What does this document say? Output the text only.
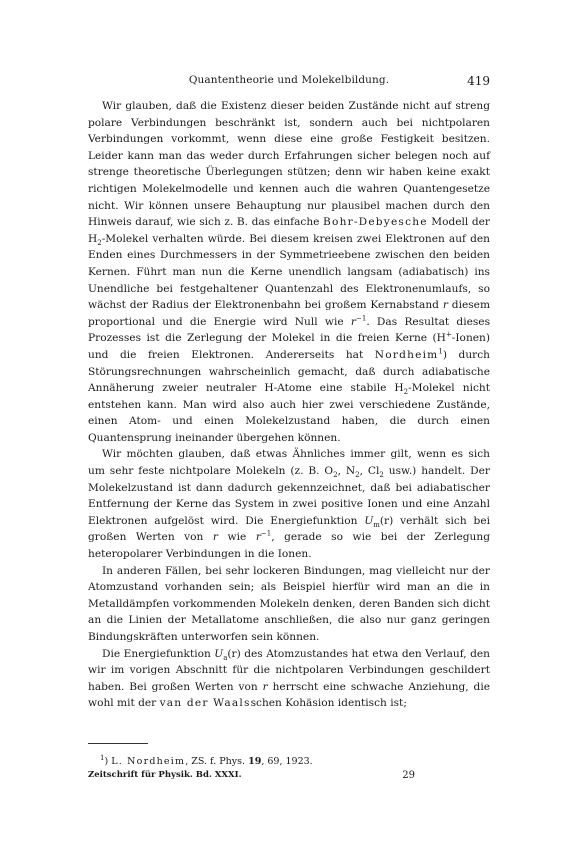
Quantentheorie und Molekelbildung.	419

Wir glauben, daß die Existenz dieser beiden Zustände nicht auf streng polare Verbindungen beschränkt ist, sondern auch bei nichtpolaren Verbindungen vorkommt, wenn diese eine große Festigkeit besitzen. Leider kann man das weder durch Erfahrungen sicher belegen noch auf strenge theoretische Überlegungen stützen; denn wir haben keine exakt richtigen Molekelmodelle und kennen auch die wahren Quantengesetze nicht. Wir können unsere Behauptung nur plausibel machen durch den Hinweis darauf, wie sich z. B. das einfache Bohr-Debyesche Modell der $H_2$-Molekel verhalten würde. Bei diesem kreisen zwei Elektronen auf den Enden eines Durchmessers in der Symmetrieebene zwischen den beiden Kernen. Führt man nun die Kerne unendlich langsam (adiabatisch) ins Unendliche bei festgehaltener Quantenzahl des Elektronenumlaufs, so wächst der Radius der Elektronenbahn bei großem Kernabstand r diesem proportional und die Energie wird Null wie $r^{-1}$. Das Resultat dieses Prozesses ist die Zerlegung der Molekel in die freien Kerne (H+-Ionen) und die freien Elektronen. Andererseits hat Nordheim$^1$) durch Störungsrechnungen wahrscheinlich gemacht, daß durch adiabatische Annäherung zweier neutraler H-Atome eine stabile $H_2$-Molekel nicht entstehen kann. Man wird also auch hier zwei verschiedene Zustände, einen Atom- und einen Molekelzustand haben, die durch einen Quantensprung ineinander übergehen können.

Wir möchten glauben, daß etwas Ähnliches immer gilt, wenn es sich um sehr feste nichtpolare Molekeln (z. B. $O_2$, $N_2$, $Cl_2$ usw.) handelt. Der Molekelzustand ist dann dadurch gekennzeichnet, daß bei adiabatischer Entfernung der Kerne das System in zwei positive Ionen und eine Anzahl Elektronen aufgelöst wird. Die Energiefunktion $U_m(r)$ verhält sich bei großen Werten von r wie $r^{-1}$, gerade so wie bei der Zerlegung heteropolarer Verbindungen in die Ionen.

In anderen Fällen, bei sehr lockeren Bindungen, mag vielleicht nur der Atomzustand vorhanden sein; als Beispiel hierfür wird man an die in Metalldämpfen vorkommenden Molekeln denken, deren Banden sich dicht an die Linien der Metallatome anschließen, die also nur ganz geringen Bindungskräften unterworfen sein können.

Die Energiefunktion $U_a(r)$ des Atomzustandes hat etwa den Verlauf, den wir im vorigen Abschnitt für die nichtpolaren Verbindungen geschildert haben. Bei großen Werten von r herrscht eine schwache Anziehung, die wohl mit der van der Waalsschen Kohäsion identisch ist;

$^1$) L. Nordheim, ZS. f. Phys. 19, 69, 1923.
Zeitschrift für Physik. Bd. XXXI.	29
